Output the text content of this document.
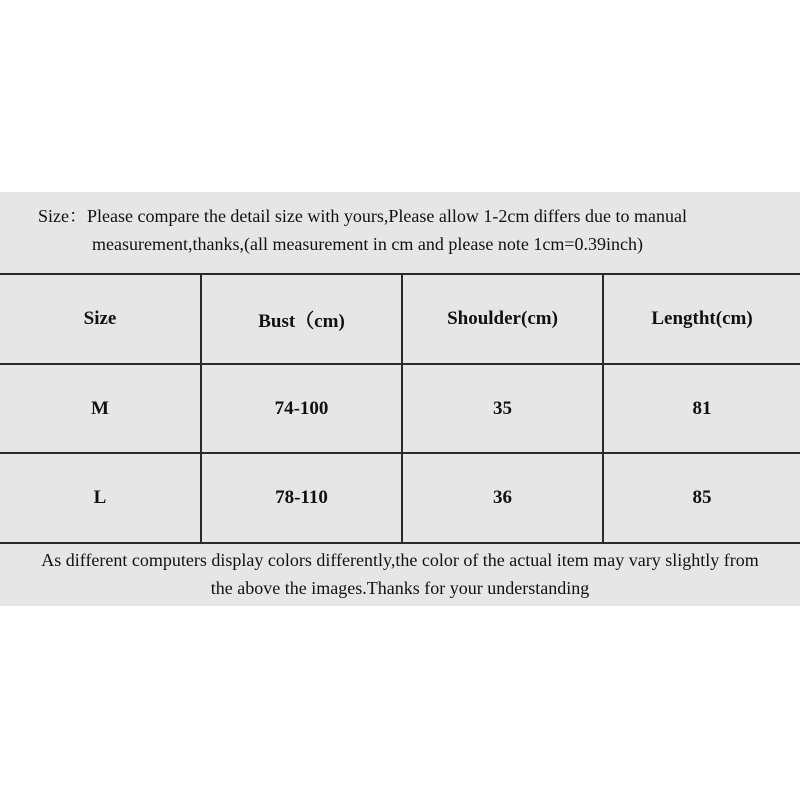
Size：Please compare the detail size with yours,Please allow 1-2cm differs due to manual
measurement,thanks,(all measurement in cm and please note 1cm=0.39inch)
Size	Bust（cm)	Shoulder(cm)	Lengtht(cm)
M	74-100	35	81
L	78-110	36	85
As different computers display colors differently,the color of the actual item may vary slightly from
the above the images.Thanks for your understanding
